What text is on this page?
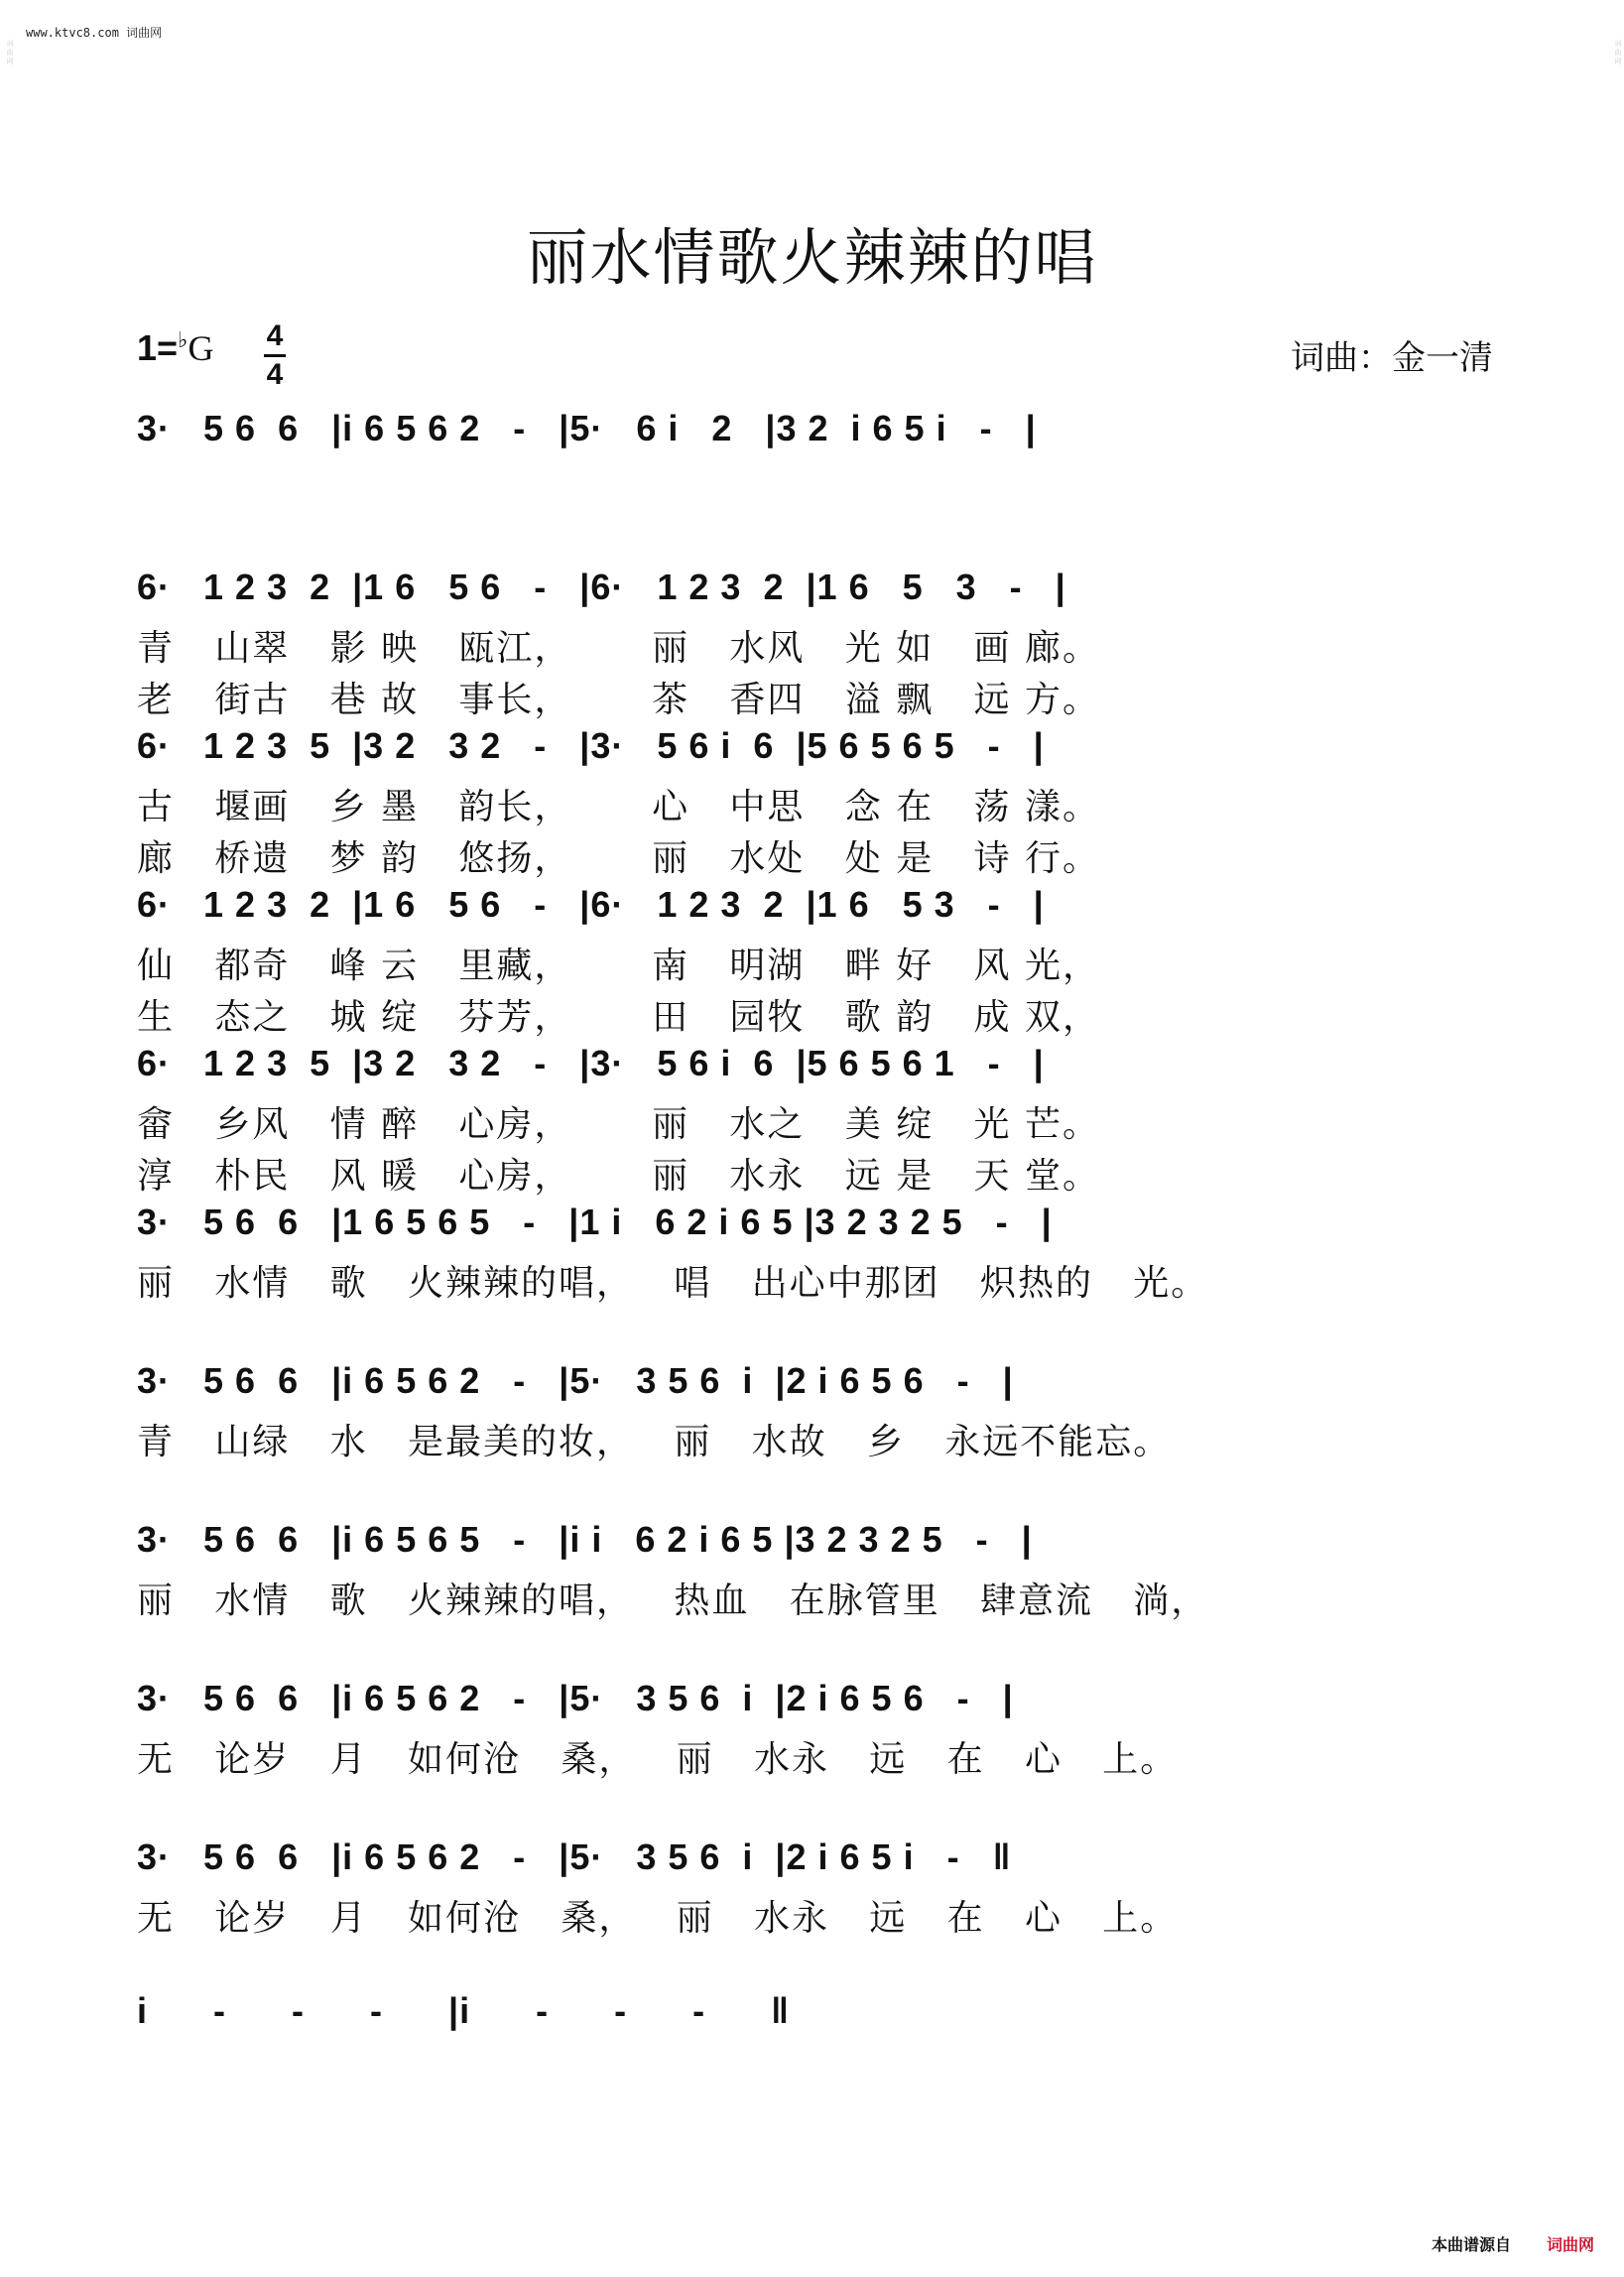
词曲网	词曲网
www.ktvc8.com 词曲网
丽水情歌火辣辣的唱
1=♭G 4
4	词曲：金一清
3·   5 6  6   |i 6 5 6 2   -   |5·   6 i   2   |3 2  i 6 5 i   -   |
6·   1 2 3  2  |1 6   5 6   -   |6·   1 2 3  2  |1 6   5   3   -   |
青   山翠   影 映   瓯江，      丽   水风   光 如   画 廊。
老   街古   巷 故   事长，      茶   香四   溢 飘   远 方。
6·   1 2 3  5  |3 2   3 2   -   |3·   5 6 i  6  |5 6 5 6 5   -   |
古   堰画   乡 墨   韵长，      心   中思   念 在   荡 漾。
廊   桥遗   梦 韵   悠扬，      丽   水处   处 是   诗 行。
6·   1 2 3  2  |1 6   5 6   -   |6·   1 2 3  2  |1 6   5 3   -   |
仙   都奇   峰 云   里藏，      南   明湖   畔 好   风 光，
生   态之   城 绽   芬芳，      田   园牧   歌 韵   成 双，
6·   1 2 3  5  |3 2   3 2   -   |3·   5 6 i  6  |5 6 5 6 1   -   |
畲   乡风   情 醉   心房，      丽   水之   美 绽   光 芒。
淳   朴民   风 暖   心房，      丽   水永   远 是   天 堂。
3·   5 6  6   |1 6 5 6 5   -   |1 i   6 2 i 6 5 |3 2 3 2 5   -   |
丽   水情   歌   火辣辣的唱，   唱   出心中那团   炽热的   光。
3·   5 6  6   |i 6 5 6 2   -   |5·   3 5 6  i  |2 i 6 5 6   -   |
青   山绿   水   是最美的妆，   丽   水故   乡   永远不能忘。
3·   5 6  6   |i 6 5 6 5   -   |i i   6 2 i 6 5 |3 2 3 2 5   -   |
丽   水情   歌   火辣辣的唱，   热血   在脉管里   肆意流   淌，
3·   5 6  6   |i 6 5 6 2   -   |5·   3 5 6  i  |2 i 6 5 6   -   |
无   论岁   月   如何沧   桑，   丽   水永   远   在   心   上。
3·   5 6  6   |i 6 5 6 2   -   |5·   3 5 6  i  |2 i 6 5 i   -   ‖
无   论岁   月   如何沧   桑，   丽   水永   远   在   心   上。
i      -      -      -      |i      -      -      -      ‖
本曲谱源自 词曲网
